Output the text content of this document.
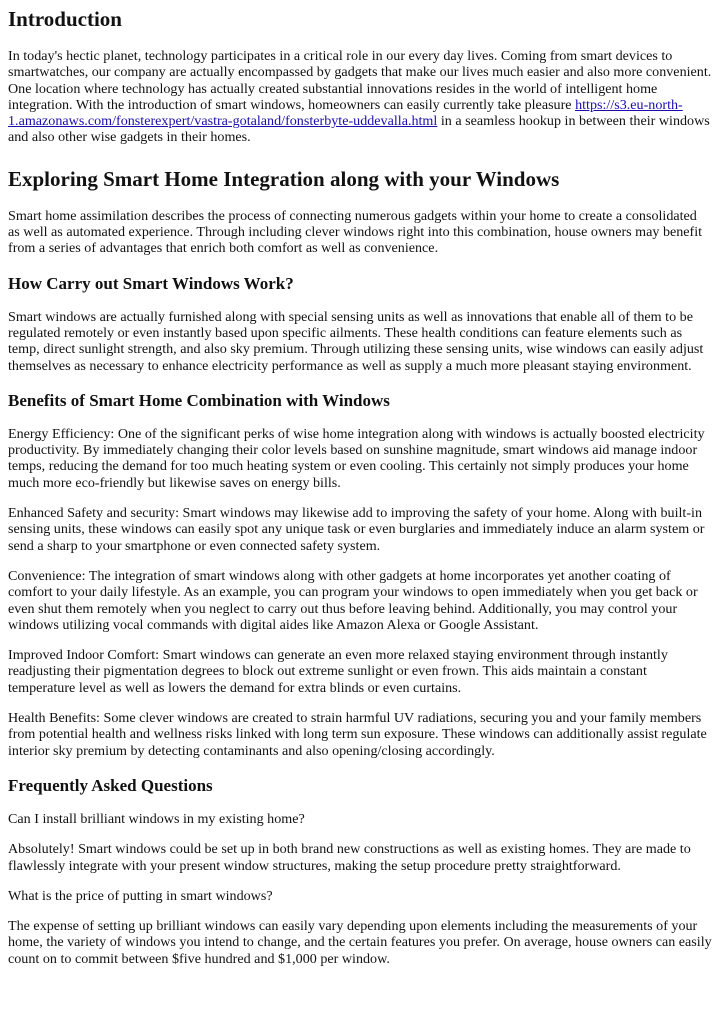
Introduction

In today's hectic planet, technology participates in a critical role in our every day lives. Coming from smart devices to smartwatches, our company are actually encompassed by gadgets that make our lives much easier and also more convenient. One location where technology has actually created substantial innovations resides in the world of intelligent home integration. With the introduction of smart windows, homeowners can easily currently take pleasure https://s3.eu-north-1.amazonaws.com/fonsterexpert/vastra-gotaland/fonsterbyte-uddevalla.html in a seamless hookup in between their windows and also other wise gadgets in their homes.

Exploring Smart Home Integration along with your Windows

Smart home assimilation describes the process of connecting numerous gadgets within your home to create a consolidated as well as automated experience. Through including clever windows right into this combination, house owners may benefit from a series of advantages that enrich both comfort as well as convenience.

How Carry out Smart Windows Work?

Smart windows are actually furnished along with special sensing units as well as innovations that enable all of them to be regulated remotely or even instantly based upon specific ailments. These health conditions can feature elements such as temp, direct sunlight strength, and also sky premium. Through utilizing these sensing units, wise windows can easily adjust themselves as necessary to enhance electricity performance as well as supply a much more pleasant staying environment.

Benefits of Smart Home Combination with Windows

Energy Efficiency: One of the significant perks of wise home integration along with windows is actually boosted electricity productivity. By immediately changing their color levels based on sunshine magnitude, smart windows aid manage indoor temps, reducing the demand for too much heating system or even cooling. This certainly not simply produces your home much more eco-friendly but likewise saves on energy bills.

Enhanced Safety and security: Smart windows may likewise add to improving the safety of your home. Along with built-in sensing units, these windows can easily spot any unique task or even burglaries and immediately induce an alarm system or send a sharp to your smartphone or even connected safety system.

Convenience: The integration of smart windows along with other gadgets at home incorporates yet another coating of comfort to your daily lifestyle. As an example, you can program your windows to open immediately when you get back or even shut them remotely when you neglect to carry out thus before leaving behind. Additionally, you may control your windows utilizing vocal commands with digital aides like Amazon Alexa or Google Assistant.

Improved Indoor Comfort: Smart windows can generate an even more relaxed staying environment through instantly readjusting their pigmentation degrees to block out extreme sunlight or even frown. This aids maintain a constant temperature level as well as lowers the demand for extra blinds or even curtains.

Health Benefits: Some clever windows are created to strain harmful UV radiations, securing you and your family members from potential health and wellness risks linked with long term sun exposure. These windows can additionally assist regulate interior sky premium by detecting contaminants and also opening/closing accordingly.

Frequently Asked Questions

Can I install brilliant windows in my existing home?

Absolutely! Smart windows could be set up in both brand new constructions as well as existing homes. They are made to flawlessly integrate with your present window structures, making the setup procedure pretty straightforward.

What is the price of putting in smart windows?

The expense of setting up brilliant windows can easily vary depending upon elements including the measurements of your home, the variety of windows you intend to change, and the certain features you prefer. On average, house owners can easily count on to commit between $five hundred and $1,000 per window.
